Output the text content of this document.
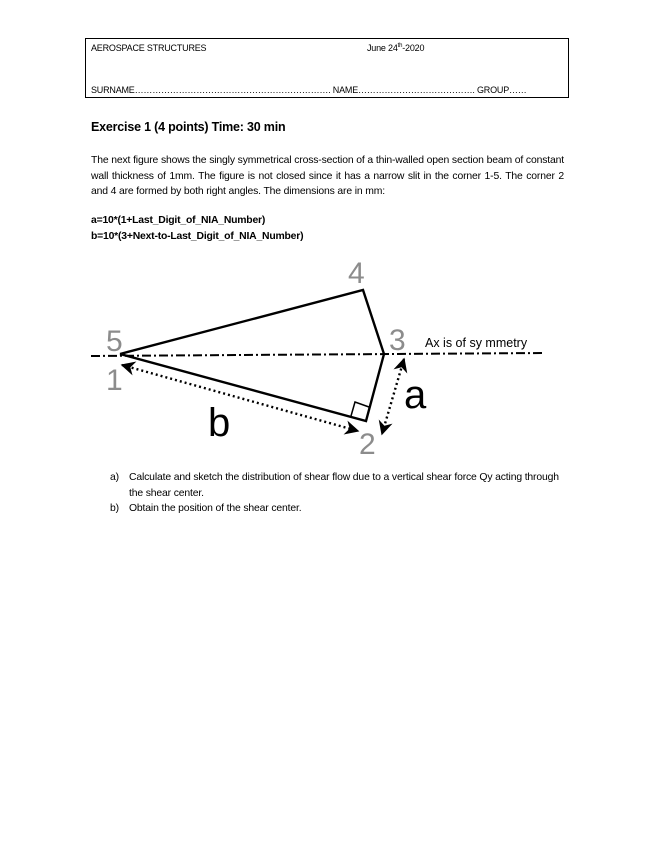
AEROSPACE STRUCTURES	June 24th-2020
SURNAME…………………………………………………………. NAME…………………………………. GROUP……
Exercise 1 (4 points) Time: 30 min

The next figure shows the singly symmetrical cross-section of a thin-walled open section beam of constant wall thickness of 1mm. The figure is not closed since it has a narrow slit in the corner 1-5. The corner 2 and 4 are formed by both right angles. The dimensions are in mm:

a=10*(1+Last_Digit_of_NIA_Number)
b=10*(3+Next-to-Last_Digit_of_NIA_Number)
4
5
1
3
2
Ax is of sy mmetry
a
b
a) Calculate and sketch the distribution of shear flow due to a vertical shear force Qy acting through the shear center.
b) Obtain the position of the shear center.
